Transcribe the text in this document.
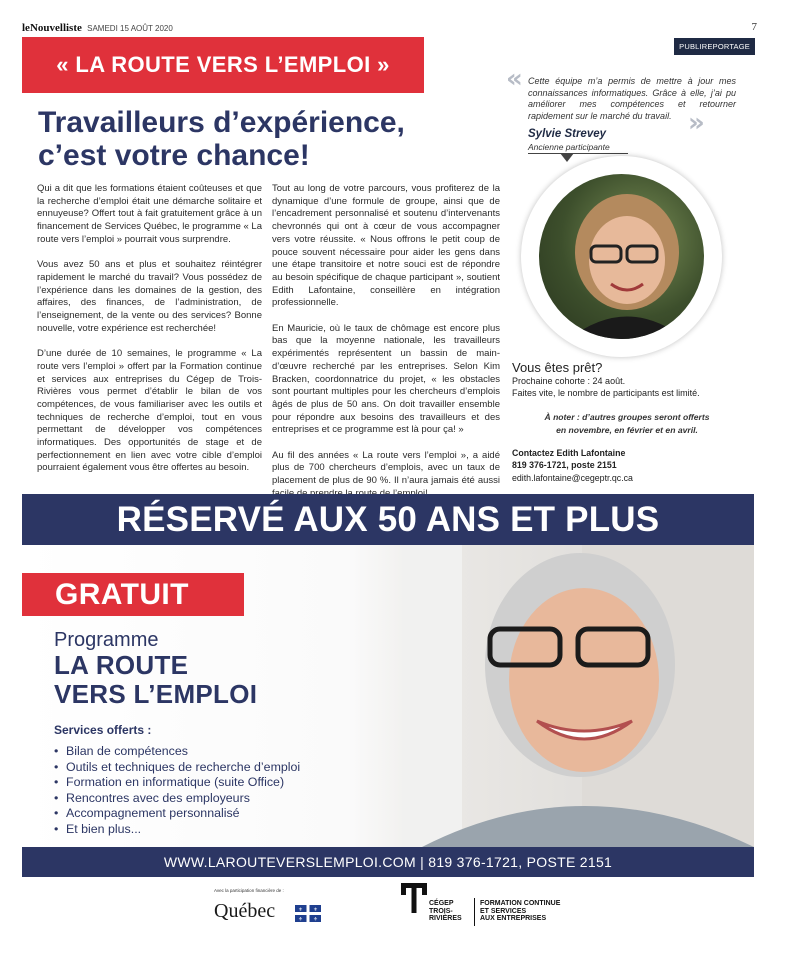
leNouvelliste SAMEDI 15 AOÛT 2020	7
PUBLIREPORTAGE
« LA ROUTE VERS L’EMPLOI »
Travailleurs d’expérience,
c’est votre chance!

Qui a dit que les formations étaient coûteuses et que la recherche d’emploi était une démarche solitaire et ennuyeuse? Offert tout à fait gratuitement grâce à un financement de Services Québec, le programme « La route vers l’emploi » pourrait vous surprendre.

Vous avez 50 ans et plus et souhaitez réintégrer rapidement le marché du travail? Vous possédez de l’expérience dans les domaines de la gestion, des affaires, des finances, de l’administration, de l’enseignement, de la vente ou des services? Bonne nouvelle, votre expérience est recherchée!

D’une durée de 10 semaines, le programme « La route vers l’emploi » offert par la Formation continue et services aux entreprises du Cégep de Trois-Rivières vous permet d’établir le bilan de vos compétences, de vous familiariser avec les outils et techniques de recherche d’emploi, tout en vous permettant de développer vos compétences informatiques. Des opportunités de stage et de perfectionnement en lien avec votre cible d’emploi pourraient également vous être offertes au besoin.

Tout au long de votre parcours, vous profiterez de la dynamique d’une formule de groupe, ainsi que de l’encadrement personnalisé et soutenu d’intervenants chevronnés qui ont à cœur de vous accompagner vers votre réussite. « Nous offrons le petit coup de pouce souvent nécessaire pour aider les gens dans une étape transitoire et notre souci est de répondre au besoin spécifique de chaque participant », soutient Edith Lafontaine, conseillère en intégration professionnelle.

En Mauricie, où le taux de chômage est encore plus bas que la moyenne nationale, les travailleurs expérimentés représentent un bassin de main-d’œuvre recherché par les entreprises. Selon Kim Bracken, coordonnatrice du projet, « les obstacles sont pourtant multiples pour les chercheurs d’emplois âgés de plus de 50 ans. On doit travailler ensemble pour répondre aux besoins des travailleurs et des entreprises et ce programme est là pour ça! »

Au fil des années « La route vers l’emploi », a aidé plus de 700 chercheurs d’emplois, avec un taux de placement de plus de 90 %. Il n’aura jamais été aussi

« Cette équipe m’a permis de mettre à jour mes connaissances informatiques. Grâce à elle, j’ai pu améliorer mes compétences et retourner rapidement sur le marché du travail. »
Sylvie Strevey
Ancienne participante
Vous êtes prêt?
Prochaine cohorte : 24 août.
Faites vite, le nombre de participants est limité.
À noter : d’autres groupes seront offerts
en novembre, en février et en avril.
Contactez Edith Lafontaine
819 376-1721, poste 2151
edith.lafontaine@cegeptr.qc.ca
RÉSERVÉ AUX 50 ANS ET PLUS
GRATUIT
Programme
LA ROUTE
VERS L’EMPLOI
Services offerts :
• Bilan de compétences
• Outils et techniques de recherche d’emploi
• Formation en informatique (suite Office)
• Rencontres avec des employeurs
• Accompagnement personnalisé
• Et bien plus...
WWW.LAROUTEVERSLEMPLOI.COM | 819 376-1721, POSTE 2151
Avec la participation financière de :
Québec	⚜ ⚜
⚜ ⚜
CÉGEP
TROIS-
RIVIÈRES
FORMATION CONTINUE
ET SERVICES
AUX ENTREPRISES
